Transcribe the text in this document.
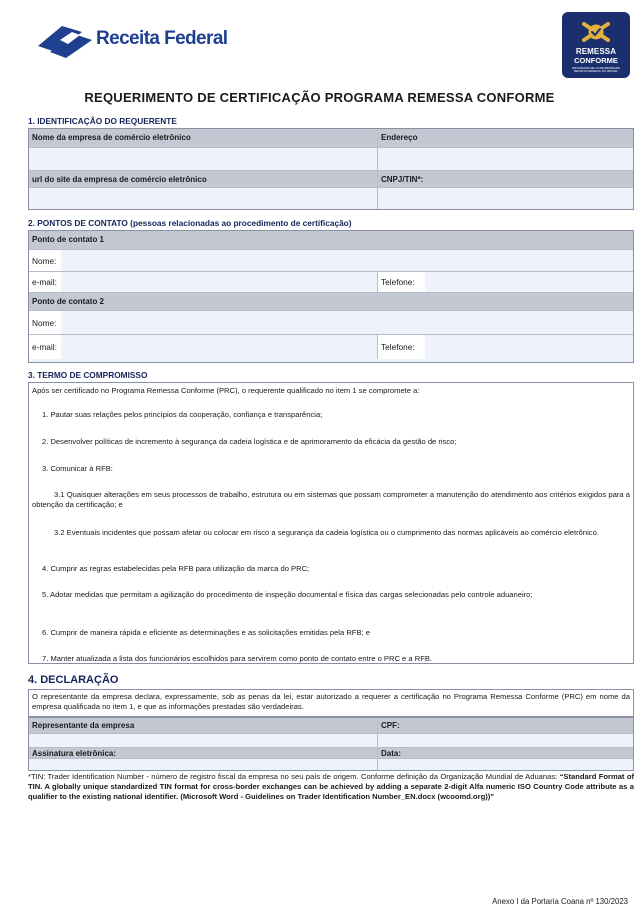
Receita Federal
REMESSA
CONFORME
PROGRAMA DE CONFORMIDADE RECEITA FEDERAL DO BRASIL
REQUERIMENTO DE CERTIFICAÇÃO PROGRAMA REMESSA CONFORME
1. IDENTIFICAÇÃO DO REQUERENTE
Nome da empresa de comércio eletrônico	Endereço
url do site da empresa de comércio eletrônico	CNPJ/TIN*:
2. PONTOS DE CONTATO (pessoas relacionadas ao procedimento de certificação)
Ponto de contato 1
Nome:
e-mail:	Telefone:
Ponto de contato 2
Nome:
e-mail:	Telefone:
3. TERMO DE COMPROMISSO

Após ser certificado no Programa Remessa Conforme (PRC), o requerente qualificado no item 1 se compromete a:

1. Pautar suas relações pelos princípios da cooperação, confiança e transparência;

2. Desenvolver políticas de incremento à segurança da cadeia logística e de aprimoramento da eficácia da gestão de risco;

3. Comunicar à RFB:

3.1 Quaisquer alterações em seus processos de trabalho, estrutura ou em sistemas que possam comprometer a manutenção do atendimento aos critérios exigidos para a obtenção da certificação; e

3.2 Eventuais incidentes que possam afetar ou colocar em risco a segurança da cadeia logística ou o cumprimento das normas aplicáveis ao comércio eletrônico.

4. Cumprir as regras estabelecidas pela RFB para utilização da marca do PRC;

5. Adotar medidas que permitam a agilização do procedimento de inspeção documental e física das cargas selecionadas pelo controle aduaneiro;

6. Cumprir de maneira rápida e eficiente as determinações e as solicitações emitidas pela RFB; e

7. Manter atualizada a lista dos funcionários escolhidos para servirem como ponto de contato entre o PRC e a RFB.

4. DECLARAÇÃO

O representante da empresa declara, expressamente, sob as penas da lei, estar autorizado a requerer a certificação no Programa Remessa Conforme (PRC) em nome da empresa qualificada no item 1, e que as informações prestadas são verdadeiras.

Representante da empresa	CPF:
Assinatura eletrônica:	Data:
*TIN: Trader Identification Number - número de registro fiscal da empresa no seu país de origem. Conforme definição da Organização Mundial de Aduanas: “Standard Format of TIN. A globally unique standardized TIN format for cross-border exchanges can be achieved by adding a separate 2-digit Alfa numeric ISO Country Code attribute as a qualifier to the existing national identifier. (Microsoft Word - Guidelines on Trader Identification Number_EN.docx (wcoomd.org))”
Anexo I da Portaria Coana nº 130/2023
